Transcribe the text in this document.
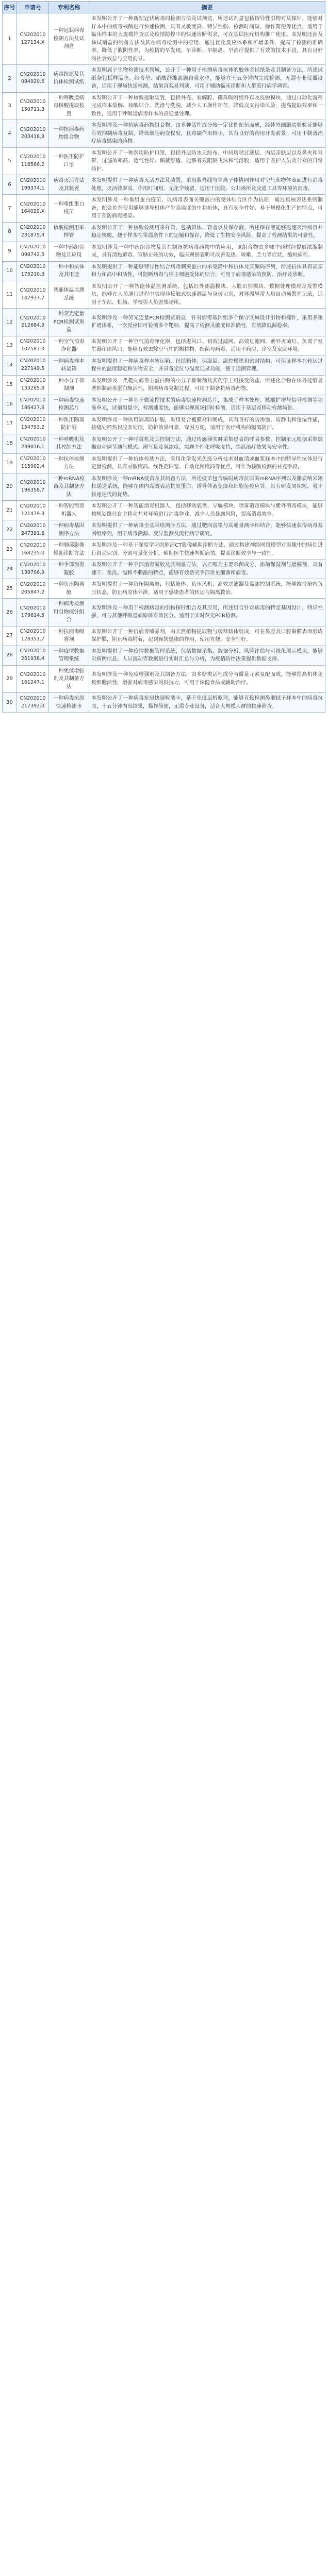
序号	申请号	专利名称	摘要
1	CN202010127134.X	一种冠状病毒检测方法及试剂盒	本发明公开了一种新型冠状病毒的检测方法及试剂盒，所述试剂盒包括特异性引物对及探针，能够对样本中的病毒核酸进行快速检测，具有灵敏度高、特异性强、检测时间短、操作简便等优点，适用于临床样本的大规模筛查以及疫情防控中的快速诊断需求，可在基层医疗机构推广使用。本发明还涉及该试剂盒的制备方法及其在病毒检测中的应用，通过优化反应体系和扩增条件，提高了检测的准确率，降低了假阴性率，为疫情的早发现、早诊断、早隔离、早治疗提供了有效的技术手段，具有良好的社会效益与应用前景。
2	CN202010084920.6	病毒抗原及其抗体检测试纸	本发明属于生物检测技术领域，公开了一种用于检测病毒抗体的胶体金试纸条及其制备方法，所述试纸条包括样品垫、结合垫、硝酸纤维素膜和吸水垫，能够在十五分钟内完成检测，无需专业仪器设备，适用于现场快速检测，结果直观易判读，可用于辅助临床诊断和人群流行病学调查。
3	CN202010150711.3	一种呼吸道病毒核酸提取装置	本发明公开了一种核酸提取装置，包括外壳、裂解腔、磁珠吸附组件以及洗脱模块，通过自动化流程完成样本裂解、核酸结合、洗涤与洗脱，减少人工操作环节，降低交叉污染风险，提高提取效率和一致性，适用于呼吸道病毒样本的高通量处理。
4	CN202010203418.8	一种抗病毒药物组合物	本发明涉及一种抗病毒药物组合物，由多种活性成分按一定比例配伍而成，经体外细胞实验验证能够有效抑制病毒复制，降低细胞病变程度，且毒副作用较小，具有良好的药用开发前景，可用于制备治疗病毒感染的药物。
5	CN202010118566.2	一种医用防护口罩	本发明公开了一种医用防护口罩，包括外层防水无纺布、中间熔喷过滤层、内层亲肤层以及鼻夹和耳带，过滤效率高、透气性好、佩戴舒适，能够有效阻隔飞沫和气溶胶，适用于医护人员及公众的日常防护。
6	CN202010199374.1	病毒灭活方法及其装置	本发明提供了一种病毒灭活方法及装置，采用紫外线与等离子体协同作用对空气和物体表面进行消毒处理，灭活效率高、作用时间短、无化学残留，适用于医院、公共场所及交通工具等环境的消毒。
7	CN202010164029.X	一种重组蛋白疫苗	本发明涉及一种重组蛋白疫苗，以病毒表面关键蛋白的受体结合区作为抗原，通过真核表达系统制备，配合佐剂使用能够诱导机体产生高滴度的中和抗体，具有安全性好、易于规模化生产的特点，可用于预防病毒感染。
8	CN202010231875.4	核酸检测用采样管	本发明公开了一种核酸检测用采样管，包括管体、管盖以及保存液，所述保存液能够迅速灭活病毒并稳定核酸，便于样本在常温条件下的运输和保存，降低了生物安全风险，提高了检测结果的可靠性。
9	CN202010098742.5	一种中药组合物及其应用	本发明涉及一种中药组合物及其在制备抗病毒药物中的应用，该组合物由多味中药材经提取浓缩制成，具有清热解毒、宣肺止咳的功效，临床观察表明可改善发热、咳嗽、乏力等症状，缩短病程。
10	CN202010175210.3	一种中和抗体及其用途	本发明提供了一种能够特异性结合病毒刺突蛋白的单克隆中和抗体及其编码序列，所述抗体具有高亲和力和高中和活性，可阻断病毒与宿主细胞受体的结合，可用于病毒感染的预防、治疗及诊断。
11	CN202010142937.7	智能体温监测系统	本发明公开了一种智能体温监测系统，包括红外测温模块、人脸识别模块、数据处理模块及报警模块，能够在人员通行过程中实现非接触式快速测温与身份识别，对体温异常人员自动预警并记录，适用于车站、机场、学校等人员密集场所。
12	CN202010212684.9	一种荧光定量PCR检测试剂盒	本发明涉及一种荧光定量PCR检测试剂盒，针对病毒基因组多个保守区域设计引物和探针，采用多重扩增体系，一次反应即可检测多个靶标，提高了检测灵敏度和准确性，有效降低漏检率。
13	CN202010107583.0	一种空气消毒净化器	本发明公开了一种空气消毒净化器，包括进风口、初效过滤网、高效过滤网、紫外灭菌灯、负离子发生器和出风口，能够有效去除空气中的颗粒物、细菌与病毒，适用于病房、诊室及家庭环境。
14	CN202010227149.5	一种病毒样本转运箱	本发明提供了一种病毒样本转运箱，包括箱体、保温层、温控模块和密封结构，可保证样本在转运过程中的温度稳定和生物安全，并具备定位与温度记录功能，便于追溯管理。
15	CN202010133265.8	一种小分子抑制剂	本发明涉及一类靶向病毒主蛋白酶的小分子抑制剂及其药学上可接受的盐，所述化合物在体外能够显著抑制病毒蛋白酶活性，阻断病毒复制过程，可用于制备抗病毒药物。
16	CN202010186427.6	一种病毒快速检测芯片	本发明公开了一种基于微流控技术的病毒快速检测芯片，集成了样本处理、核酸扩增与信号检测等功能单元，试剂用量少，检测速度快，能够实现现场即时检测，适用于基层及移动检测场景。
17	CN202010154793.2	一种医用隔离防护服	本发明涉及一种医用隔离防护服，采用复合覆膜材料制成，具有良好的防渗透、防静电和透湿性能，接缝处经热封胶条处理，防护效果可靠，穿脱方便，适用于医疗机构的隔离防护。
18	CN202010239016.1	一种呼吸机及其控制方法	本发明公开了一种呼吸机及其控制方法，通过传感器实时采集患者的呼吸参数，控制单元根据采集数据自动调节通气模式、潮气量及氧浓度，实现个性化呼吸支持，提高治疗效果与安全性。
19	CN202010115902.4	一种抗体检测方法	本发明提供了一种抗体检测方法，采用化学发光免疫分析技术对血清或血浆样本中的特异性抗体进行定量检测，具有灵敏度高、线性范围宽、自动化程度高等优点，可作为核酸检测的补充手段。
20	CN202010196358.7	一种mRNA疫苗及其制备方法	本发明涉及一种mRNA疫苗及其制备方法，所述疫苗包含编码病毒抗原的mRNA序列以及脂质纳米颗粒递送系统，能够在体内高效表达抗原蛋白，诱导体液免疫和细胞免疫应答，具有研发周期短、易于快速迭代的优势。
21	CN202010121479.3	一种智能消毒机器人	本发明公开了一种智能消毒机器人，包括移动底盘、导航模块、喷雾消毒模块与紫外消毒模块，能够按规划路径自主移动并对环境进行消毒作业，减少人员暴露风险，提高消毒效率。
22	CN202010247391.6	一种病毒基因测序方法	本发明提供了一种病毒全基因组测序方法，通过靶向富集与高通量测序相结合，能够快速获得病毒基因组序列，用于病毒溯源、变异监测及流行病学研究。
23	CN202010168235.0	一种肺部影像辅助诊断方法	本发明涉及一种基于深度学习的肺部CT影像辅助诊断方法，通过构建神经网络模型对影像中的病灶进行自动识别、分割与量化分析，辅助医生快速判断病情，提高诊断效率与一致性。
24	CN202010139706.9	一种手部消毒凝胶	本发明公开了一种手部消毒凝胶及其制备方法，以乙醇为主要杀菌成分，添加保湿剂与增稠剂，具有速干、免洗、温和不刺激的特点，能够有效杀灭手部常见细菌和病毒。
25	CN202010205847.2	一种负压隔离舱	本发明提供了一种负压隔离舱，包括舱体、负压风机、高效过滤器及监测控制系统，能够维持舱内负压状态，防止病原体外泄，适用于感染患者的转运与隔离救治。
26	CN202010179614.5	一种病毒检测用引物探针组合	本发明涉及一种用于检测病毒的引物探针组合及其应用，所述组合针对病毒的特定基因设计，特异性强，可与其他呼吸道病原体有效区分，适用于实时荧光PCR检测。
27	CN202010128351.7	一种抗病毒喷雾剂	本发明公开了一种抗病毒喷雾剂，由天然植物提取物与缓释载体组成，可在鼻腔及口腔黏膜表面形成保护膜，阻止病毒附着，起到预防感染的作用，使用方便，安全性好。
28	CN202010251938.4	一种疫情数据管理系统	本发明提供了一种疫情数据管理系统，包括数据采集、数据分析、风险评估与可视化展示模块，能够对病例信息、人员流动等数据进行实时汇总与分析，为疫情防控决策提供数据支撑。
29	CN202010161247.1	一种免疫增强剂及其制备方法	本发明涉及一种免疫增强剂及其制备方法，由多糖类活性成分与微量元素复配而成，能够提高机体免疫细胞活性，增强对病毒感染的抵抗力，可用于保健食品或辅助治疗。
30	CN202010217392.0	一种病毒抗原快速检测卡	本发明公开了一种病毒抗原快速检测卡，基于免疫层析原理，能够直接检测鼻咽拭子样本中的病毒抗原，十五分钟内出结果，操作简便，无需专业设备，适合大规模人群的快速筛查。
